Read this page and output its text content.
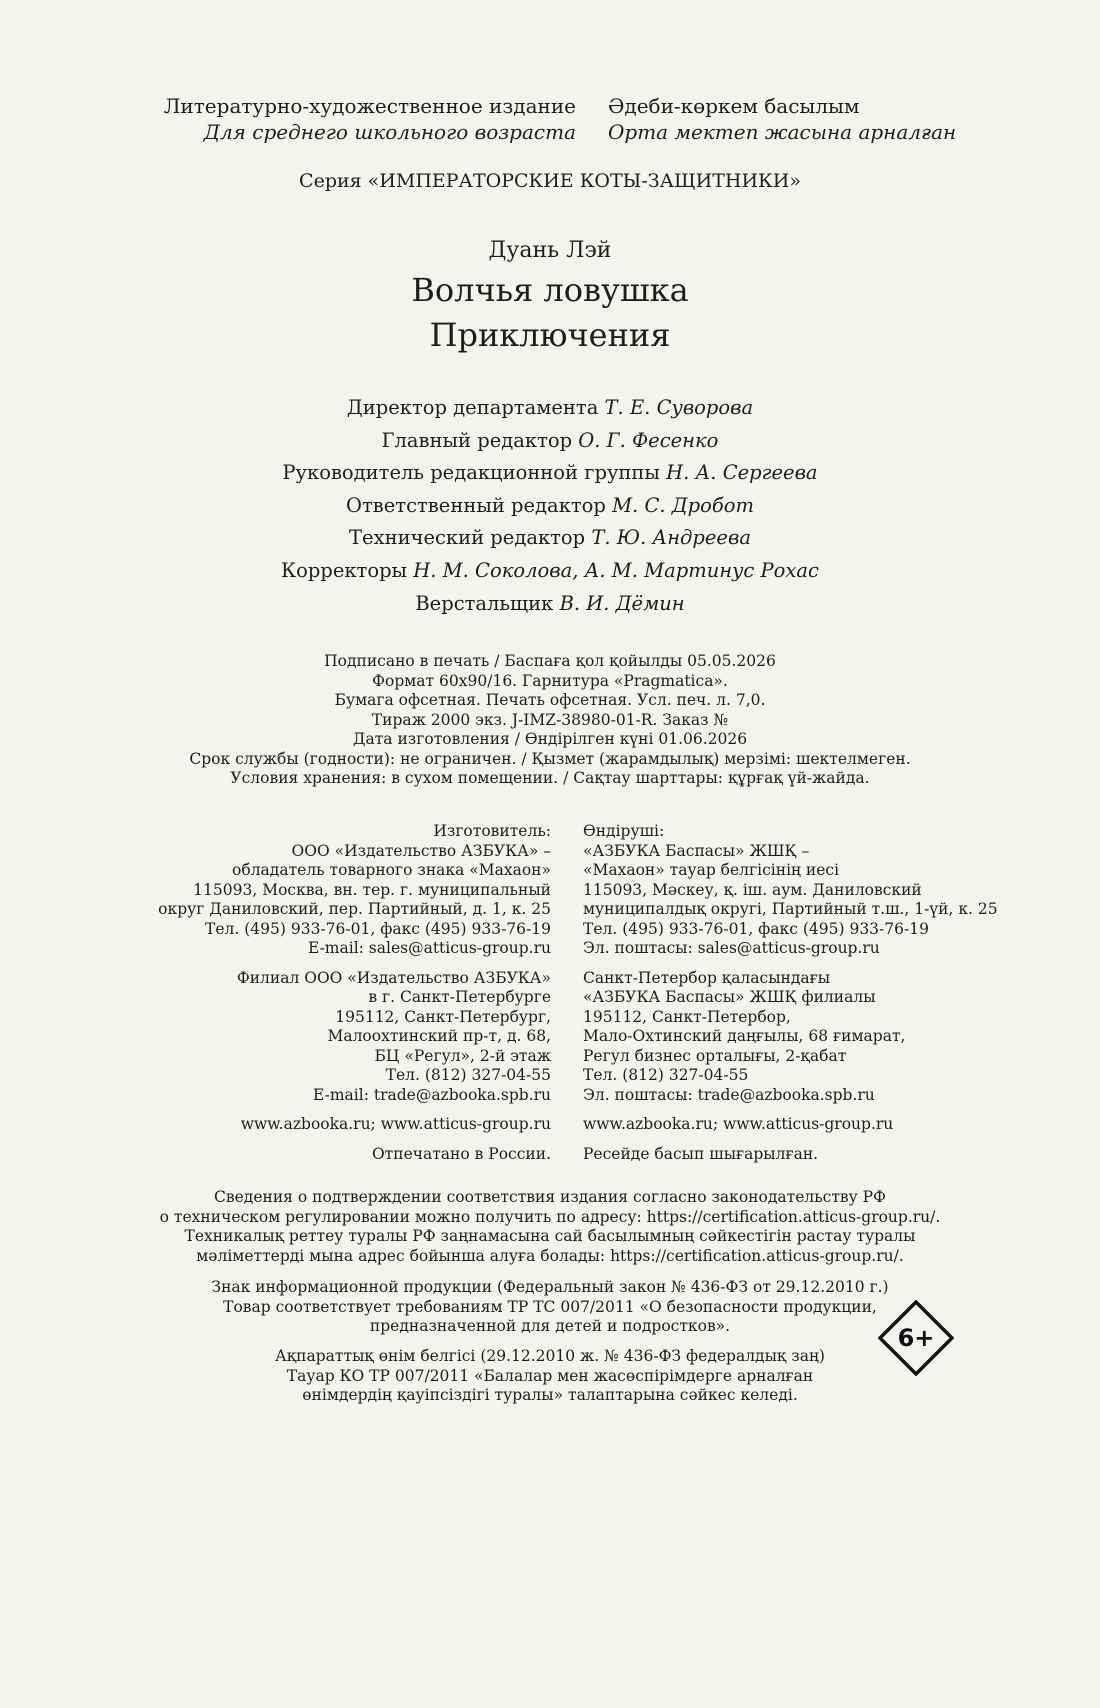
Литературно-художественное издание
Для среднего школьного возраста
Әдеби-көркем басылым
Орта мектеп жасына арналған
Серия «ИМПЕРАТОРСКИЕ КОТЫ-ЗАЩИТНИКИ»
Дуань Лэй
Волчья ловушка
Приключения
Директор департамента Т. Е. Суворова
Главный редактор О. Г. Фесенко
Руководитель редакционной группы Н. А. Сергеева
Ответственный редактор М. С. Дробот
Технический редактор Т. Ю. Андреева
Корректоры Н. М. Соколова, А. М. Мартинус Рохас
Верстальщик В. И. Дёмин
Подписано в печать / Баспаға қол қойылды 05.05.2026
Формат 60x90/16. Гарнитура «Pragmatica».
Бумага офсетная. Печать офсетная. Усл. печ. л. 7,0.
Тираж 2000 экз. J-IMZ-38980-01-R. Заказ №
Дата изготовления / Өндірілген күні 01.06.2026
Срок службы (годности): не ограничен. / Қызмет (жарамдылық) мерзімі: шектелмеген.
Условия хранения: в сухом помещении. / Сақтау шарттары: құрғақ үй-жайда.
Изготовитель:
ООО «Издательство АЗБУКА» –
обладатель товарного знака «Махаон»
115093, Москва, вн. тер. г. муниципальный
округ Даниловский, пер. Партийный, д. 1, к. 25
Тел. (495) 933-76-01, факс (495) 933-76-19
E-mail: sales@atticus-group.ru
Өндіруші:
«АЗБУКА Баспасы» ЖШҚ –
«Махаон» тауар белгісінің иесі
115093, Мәскеу, қ. іш. аум. Даниловский
муниципалдық округі, Партийный т.ш., 1-үй, к. 25
Тел. (495) 933-76-01, факс (495) 933-76-19
Эл. поштасы: sales@atticus-group.ru
Филиал ООО «Издательство АЗБУКА»
в г. Санкт-Петербурге
195112, Санкт-Петербург,
Малоохтинский пр-т, д. 68,
БЦ «Регул», 2-й этаж
Тел. (812) 327-04-55
E-mail: trade@azbooka.spb.ru
Санкт-Петербор қаласындағы
«АЗБУКА Баспасы» ЖШҚ филиалы
195112, Санкт-Петербор,
Мало-Охтинский даңғылы, 68 ғимарат,
Регул бизнес орталығы, 2-қабат
Тел. (812) 327-04-55
Эл. поштасы: trade@azbooka.spb.ru
www.azbooka.ru; www.atticus-group.ru www.azbooka.ru; www.atticus-group.ru
Отпечатано в России. Ресейде басып шығарылған.
Сведения о подтверждении соответствия издания согласно законодательству РФ
о техническом регулировании можно получить по адресу: https://certification.atticus-group.ru/.
Техникалық реттеу туралы РФ заңнамасына сай басылымның сәйкестігін растау туралы
мәліметтерді мына адрес бойынша алуға болады: https://certification.atticus-group.ru/.
Знак информационной продукции (Федеральный закон № 436-ФЗ от 29.12.2010 г.)
Товар соответствует требованиям ТР ТС 007/2011 «О безопасности продукции,
предназначенной для детей и подростков».
Ақпараттық өнім белгісі (29.12.2010 ж. № 436-ФЗ федералдық заң)
Тауар КО ТР 007/2011 «Балалар мен жасөспірімдерге арналған
өнімдердің қауіпсіздігі туралы» талаптарына сәйкес келеді.
6+
